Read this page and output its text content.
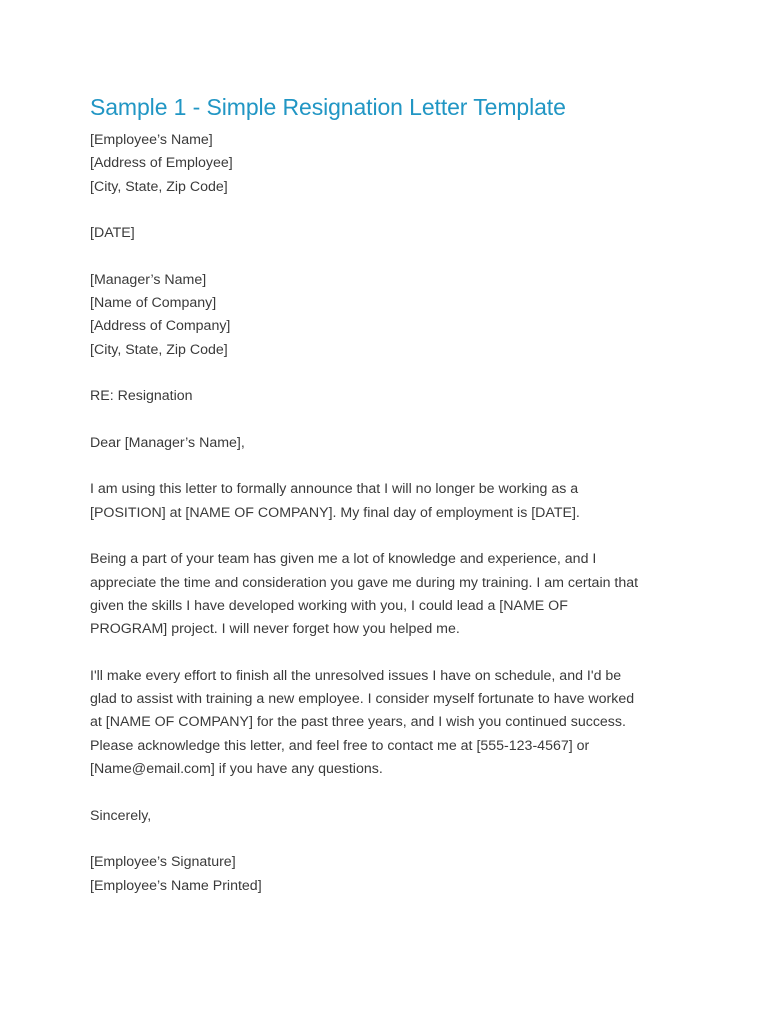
Sample 1 - Simple Resignation Letter Template
[Employee’s Name]
[Address of Employee]
[City, State, Zip Code]
[DATE]
[Manager’s Name]
[Name of Company]
[Address of Company]
[City, State, Zip Code]
RE: Resignation
Dear [Manager’s Name],
I am using this letter to formally announce that I will no longer be working as a
[POSITION] at [NAME OF COMPANY]. My final day of employment is [DATE].
Being a part of your team has given me a lot of knowledge and experience, and I
appreciate the time and consideration you gave me during my training. I am certain that
given the skills I have developed working with you, I could lead a [NAME OF
PROGRAM] project. I will never forget how you helped me.
I'll make every effort to finish all the unresolved issues I have on schedule, and I'd be
glad to assist with training a new employee. I consider myself fortunate to have worked
at [NAME OF COMPANY] for the past three years, and I wish you continued success.
Please acknowledge this letter, and feel free to contact me at [555-123-4567] or
[Name@email.com] if you have any questions.
Sincerely,
[Employee’s Signature]
[Employee’s Name Printed]
